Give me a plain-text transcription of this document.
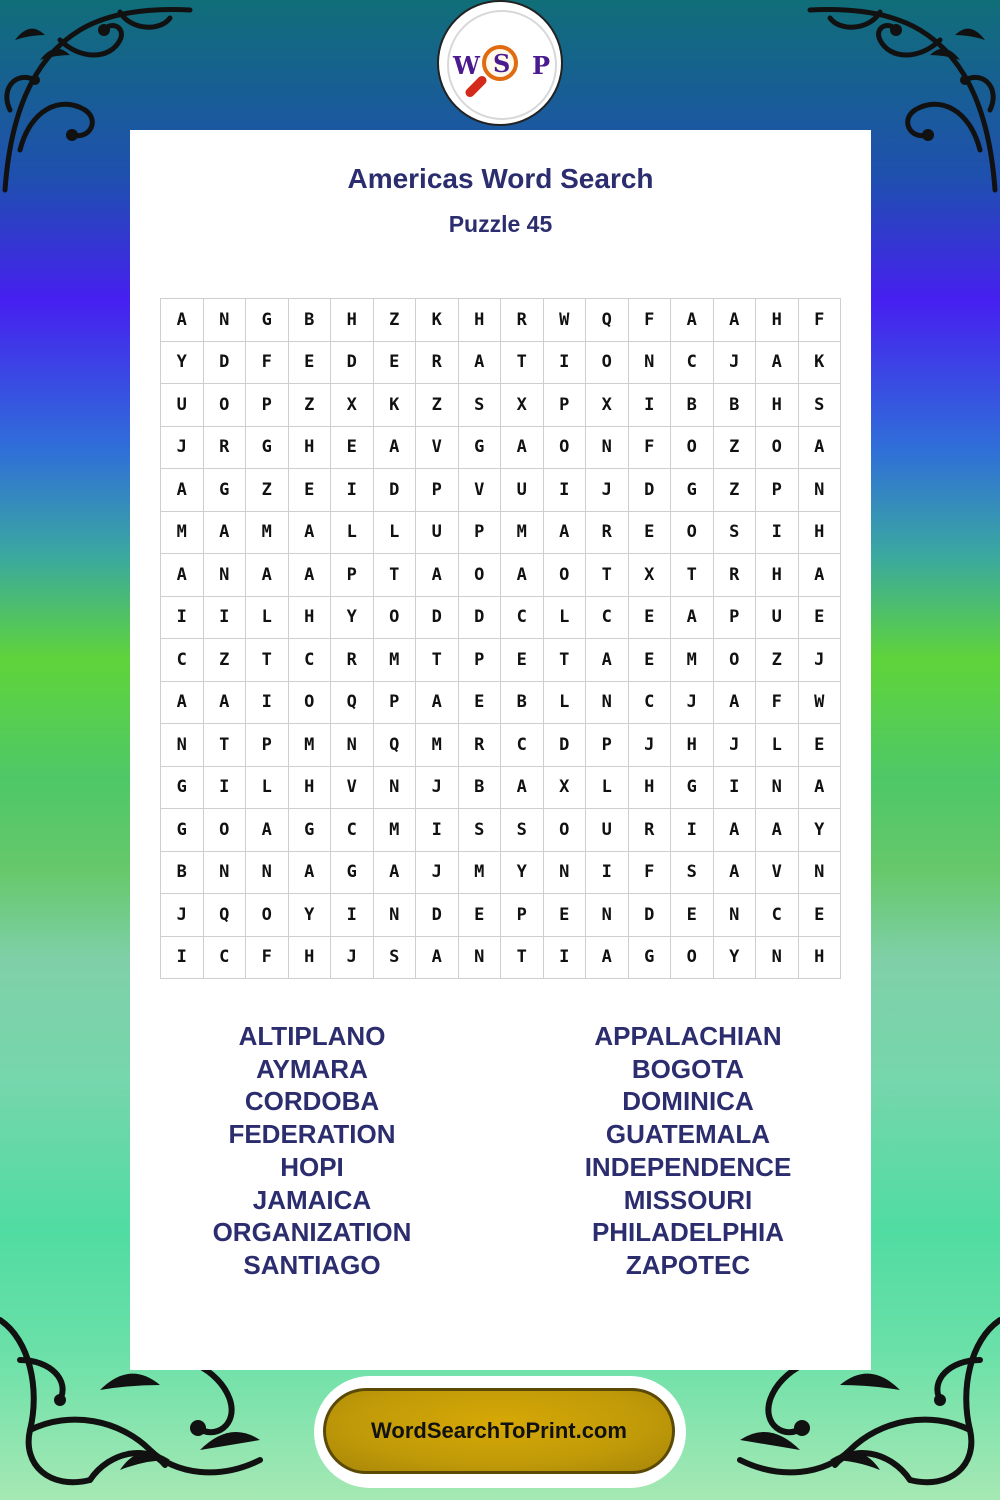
W S P
Americas Word Search
Puzzle 45
A	N	G	B	H	Z	K	H	R	W	Q	F	A	A	H	F
Y	D	F	E	D	E	R	A	T	I	O	N	C	J	A	K
U	O	P	Z	X	K	Z	S	X	P	X	I	B	B	H	S
J	R	G	H	E	A	V	G	A	O	N	F	O	Z	O	A
A	G	Z	E	I	D	P	V	U	I	J	D	G	Z	P	N
M	A	M	A	L	L	U	P	M	A	R	E	O	S	I	H
A	N	A	A	P	T	A	O	A	O	T	X	T	R	H	A
I	I	L	H	Y	O	D	D	C	L	C	E	A	P	U	E
C	Z	T	C	R	M	T	P	E	T	A	E	M	O	Z	J
A	A	I	O	Q	P	A	E	B	L	N	C	J	A	F	W
N	T	P	M	N	Q	M	R	C	D	P	J	H	J	L	E
G	I	L	H	V	N	J	B	A	X	L	H	G	I	N	A
G	O	A	G	C	M	I	S	S	O	U	R	I	A	A	Y
B	N	N	A	G	A	J	M	Y	N	I	F	S	A	V	N
J	Q	O	Y	I	N	D	E	P	E	N	D	E	N	C	E
I	C	F	H	J	S	A	N	T	I	A	G	O	Y	N	H
ALTIPLANO
AYMARA
CORDOBA
FEDERATION
HOPI
JAMAICA
ORGANIZATION
SANTIAGO
APPALACHIAN
BOGOTA
DOMINICA
GUATEMALA
INDEPENDENCE
MISSOURI
PHILADELPHIA
ZAPOTEC
WordSearchToPrint.com
